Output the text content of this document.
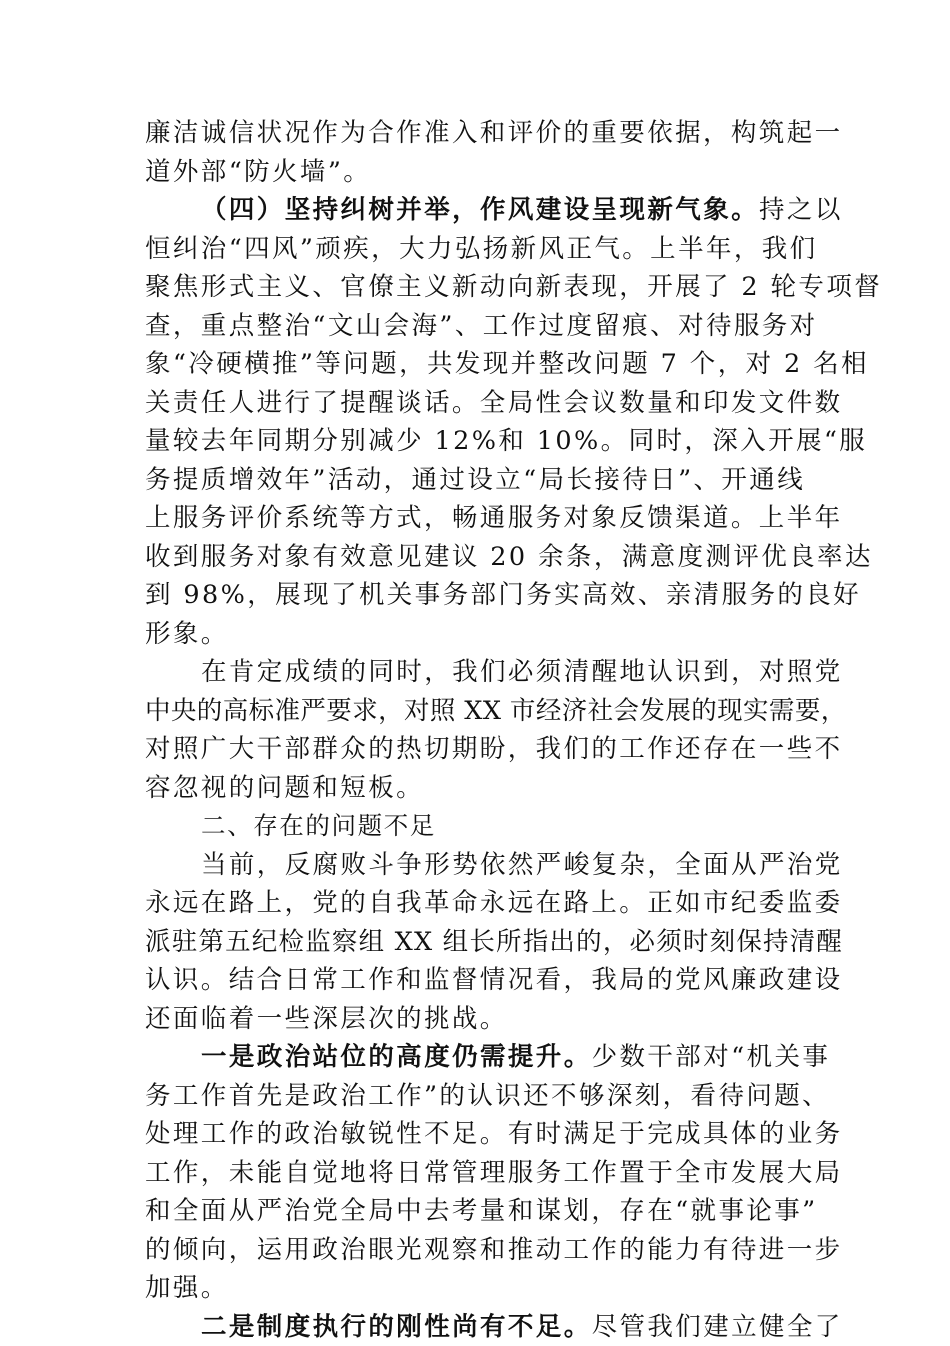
廉洁诚信状况作为合作准入和评价的重要依据，构筑起一
道外部“防火墙”。

（四）坚持纠树并举，作风建设呈现新气象。持之以
恒纠治“四风”顽疾，大力弘扬新风正气。上半年，我们
聚焦形式主义、官僚主义新动向新表现，开展了 2 轮专项督
查，重点整治“文山会海”、工作过度留痕、对待服务对
象“冷硬横推”等问题，共发现并整改问题 7 个，对 2 名相
关责任人进行了提醒谈话。全局性会议数量和印发文件数
量较去年同期分别减少 12%和 10%。同时，深入开展“服
务提质增效年”活动，通过设立“局长接待日”、开通线
上服务评价系统等方式，畅通服务对象反馈渠道。上半年
收到服务对象有效意见建议 20 余条，满意度测评优良率达
到 98%，展现了机关事务部门务实高效、亲清服务的良好
形象。

在肯定成绩的同时，我们必须清醒地认识到，对照党
中央的高标准严要求，对照 XX 市经济社会发展的现实需要，
对照广大干部群众的热切期盼，我们的工作还存在一些不
容忽视的问题和短板。

二、存在的问题不足

当前，反腐败斗争形势依然严峻复杂，全面从严治党
永远在路上，党的自我革命永远在路上。正如市纪委监委
派驻第五纪检监察组 XX 组长所指出的，必须时刻保持清醒
认识。结合日常工作和监督情况看，我局的党风廉政建设
还面临着一些深层次的挑战。

一是政治站位的高度仍需提升。少数干部对“机关事
务工作首先是政治工作”的认识还不够深刻，看待问题、
处理工作的政治敏锐性不足。有时满足于完成具体的业务
工作，未能自觉地将日常管理服务工作置于全市发展大局
和全面从严治党全局中去考量和谋划，存在“就事论事”
的倾向，运用政治眼光观察和推动工作的能力有待进一步
加强。

二是制度执行的刚性尚有不足。尽管我们建立健全了
